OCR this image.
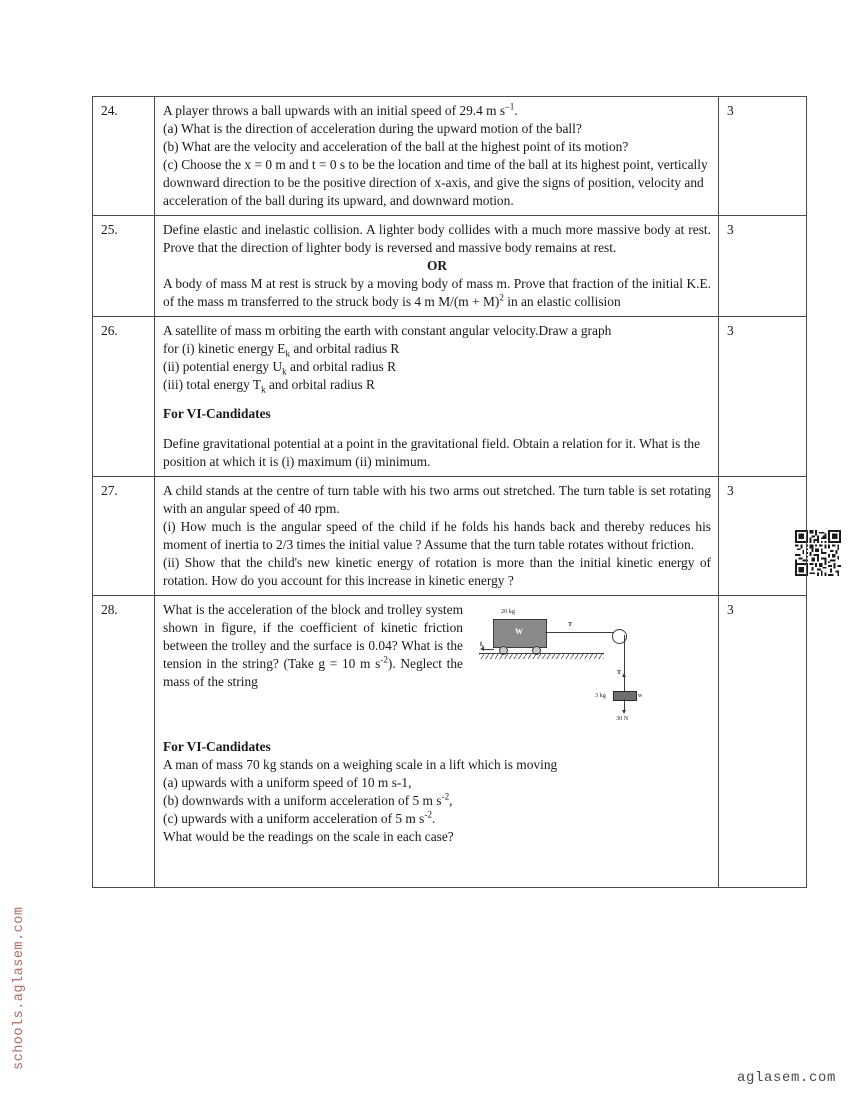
schools.aglasem.com
24.	A player throws a ball upwards with an initial speed of 29.4 m $s^{-1}$.

(a) What is the direction of acceleration during the upward motion of the ball?

(b) What are the velocity and acceleration of the ball at the highest point of its motion?

(c) Choose the x = 0 m and t = 0 s to be the location and time of the ball at its highest point, vertically downward direction to be the positive direction of x-axis, and give the signs of position, velocity and acceleration of the ball during its upward, and downward motion.	3
25.	Define elastic and inelastic collision. A lighter body collides with a much more massive body at rest. Prove that the direction of lighter body is reversed and massive body remains at rest.

OR

A body of mass M at rest is struck by a moving body of mass m. Prove that fraction of the initial K.E. of the mass m transferred to the struck body is 4 m $M/(m + M)^2$ in an elastic collision	3
26.	A satellite of mass m orbiting the earth with constant angular velocity.Draw a graph

for (i) kinetic energy $E_k$ and orbital radius R

(ii) potential energy $U_k$ and orbital radius R

(iii) total energy $T_k$ and orbital radius R

For VI-Candidates

Define gravitational potential at a point in the gravitational field. Obtain a relation for it. What is the position at which it is (i) maximum (ii) minimum.

	3
27.	A child stands at the centre of turn table with his two arms out stretched. The turn table is set rotating with an angular speed of 40 rpm.

(i) How much is the angular speed of the child if he folds his hands back and thereby reduces his moment of inertia to 2/3 times the initial value ? Assume that the turn table rotates without friction.

(ii) Show that the child's new kinetic energy of rotation is more than the initial kinetic energy of rotation. How do you account for this increase in kinetic energy ?	3
28.	What is the acceleration of the block and trolley system shown in figure, if the coefficient of kinetic friction between the trolley and the surface is 0.04? What is the tension in the string? (Take g = 10 m $s^{-2}$). Neglect the mass of the string
20 kg
W
$f_k$
T
T
3 kg	w
30 N

For VI-Candidates

A man of mass 70 kg stands on a weighing scale in a lift which is moving

(a) upwards with a uniform speed of 10 m s-1,

(b) downwards with a uniform acceleration of 5 m $s^{-2}$,

(c) upwards with a uniform acceleration of 5 m $s^{-2}$.

What would be the readings on the scale in each case?

	3
aglasem.com
